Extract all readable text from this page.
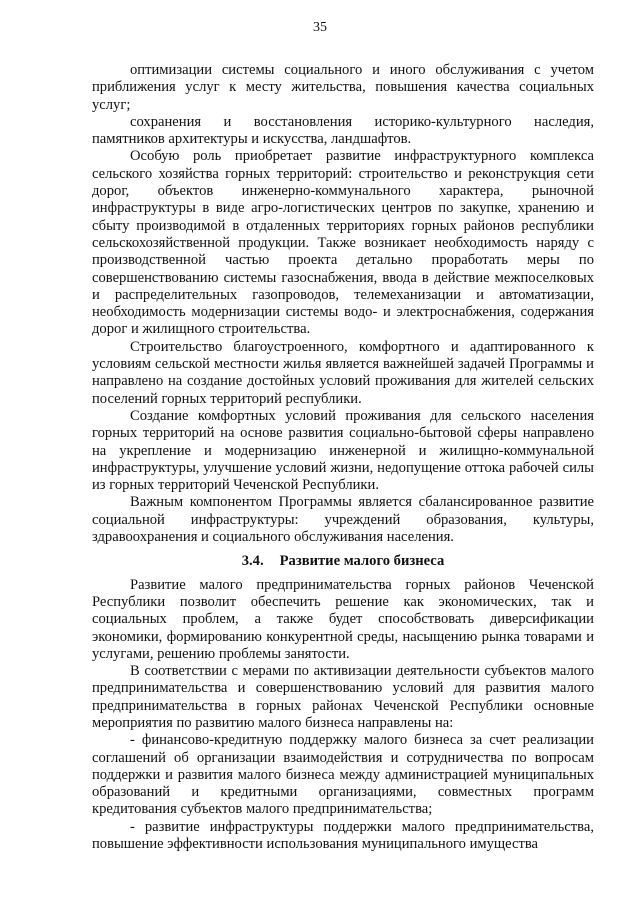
35

оптимизации системы социального и иного обслуживания с учетом приближения услуг к месту жительства, повышения качества социальных услуг;

сохранения и восстановления историко-культурного наследия, памятников архитектуры и искусства, ландшафтов.

Особую роль приобретает развитие инфраструктурного комплекса сельского хозяйства горных территорий: строительство и реконструкция сети дорог, объектов инженерно-коммунального характера, рыночной инфраструктуры в виде агро-логистических центров по закупке, хранению и сбыту производимой в отдаленных территориях горных районов республики сельскохозяйственной продукции. Также возникает необходимость наряду с производственной частью проекта детально проработать меры по совершенствованию системы газоснабжения, ввода в действие межпоселковых и распределительных газопроводов, телемеханизации и автоматизации, необходимость модернизации системы водо- и электроснабжения, содержания дорог и жилищного строительства.

Строительство благоустроенного, комфортного и адаптированного к условиям сельской местности жилья является важнейшей задачей Программы и направлено на создание достойных условий проживания для жителей сельских поселений горных территорий республики.

Создание комфортных условий проживания для сельского населения горных территорий на основе развития социально-бытовой сферы направлено на укрепление и модернизацию инженерной и жилищно-коммунальной инфраструктуры, улучшение условий жизни, недопущение оттока рабочей силы из горных территорий Чеченской Республики.

Важным компонентом Программы является сбалансированное развитие социальной инфраструктуры: учреждений образования, культуры, здравоохранения и социального обслуживания населения.

3.4. Развитие малого бизнеса

Развитие малого предпринимательства горных районов Чеченской Республики позволит обеспечить решение как экономических, так и социальных проблем, а также будет способствовать диверсификации экономики, формированию конкурентной среды, насыщению рынка товарами и услугами, решению проблемы занятости.

В соответствии с мерами по активизации деятельности субъектов малого предпринимательства и совершенствованию условий для развития малого предпринимательства в горных районах Чеченской Республики основные мероприятия по развитию малого бизнеса направлены на:

- финансово-кредитную поддержку малого бизнеса за счет реализации соглашений об организации взаимодействия и сотрудничества по вопросам поддержки и развития малого бизнеса между администрацией муниципальных образований и кредитными организациями, совместных программ кредитования субъектов малого предпринимательства;

- развитие инфраструктуры поддержки малого предпринимательства, повышение эффективности использования муниципального имущества
